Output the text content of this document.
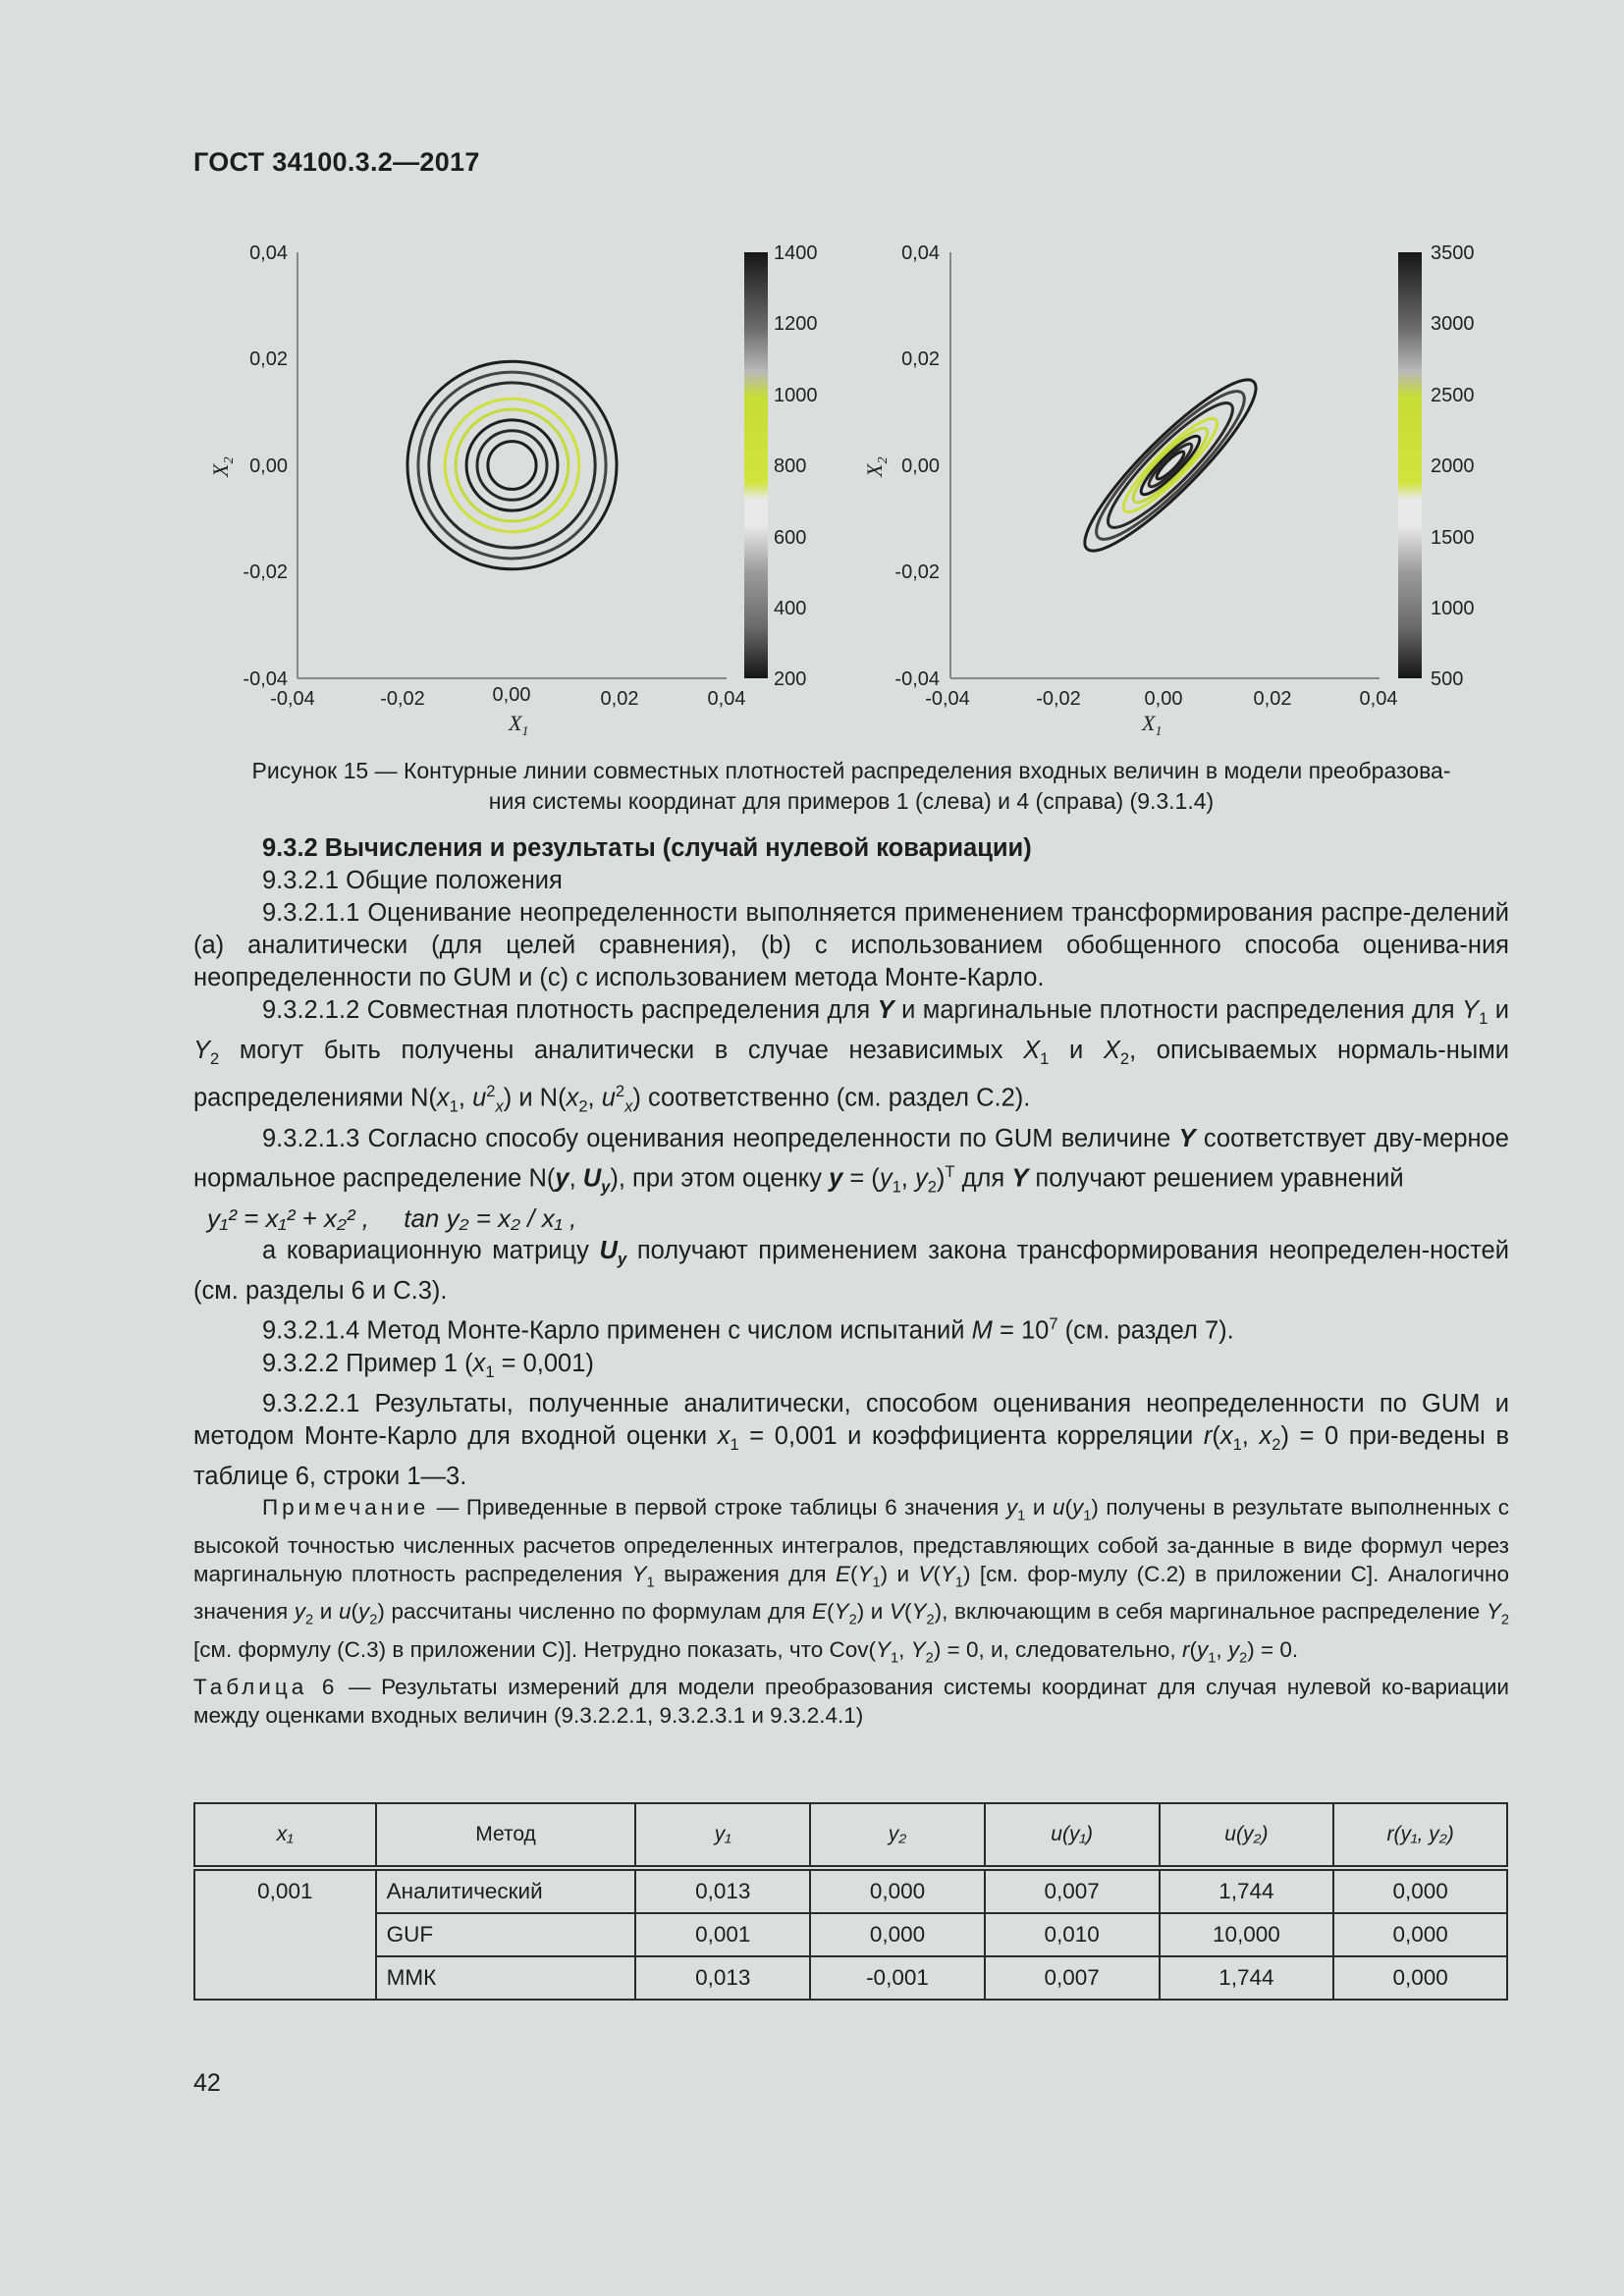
ГОСТ 34100.3.2—2017
0,04
0,02
0,00
-0,02
-0,04
-0,04	-0,02	0,00	0,02	0,04
$X_1$
$X_2$
1400
1200
1000
800
600
400
200
0,04
0,02
0,00
-0,02
-0,04
-0,04	-0,02	0,00	0,02	0,04
$X_1$
$X_2$
3500
3000
2500
2000
1500
1000
500
Рисунок 15 — Контурные линии совместных плотностей распределения входных величин в модели преобразова-
ния системы координат для примеров 1 (слева) и 4 (справа) (9.3.1.4)

9.3.2 Вычисления и результаты (случай нулевой ковариации)

9.3.2.1 Общие положения

9.3.2.1.1 Оценивание неопределенности выполняется применением трансформирования распре-делений (a) аналитически (для целей сравнения), (b) с использованием обобщенного способа оценива-ния неопределенности по GUM и (c) с использованием метода Монте-Карло.

9.3.2.1.2 Совместная плотность распределения для Y и маргинальные плотности распределения для $Y_1$ и $Y_2$ могут быть получены аналитически в случае независимых $X_1$ и $X_2$, описываемых нормаль-ными распределениями $N(x_1$, $u^2_x$) и $N(x_2$, $u^2_x$) соответственно (см. раздел С.2).

9.3.2.1.3 Согласно способу оценивания неопределенности по GUM величине Y соответствует дву-мерное нормальное распределение N(y, $U_y$), при этом оценку $y = (y_1$, $y_2)^T$ для Y получают решением уравнений

y₁² = x₁² + x₂² , tan y₂ = x₂ / x₁ ,

а ковариационную матрицу $U_y$ получают применением закона трансформирования неопределен-ностей (см. разделы 6 и С.3).

9.3.2.1.4 Метод Монте-Карло применен с числом испытаний $M = 10^7$ (см. раздел 7).

9.3.2.2 Пример 1 $(x_1 = 0,001)$

9.3.2.2.1 Результаты, полученные аналитически, способом оценивания неопределенности по GUM и методом Монте-Карло для входной оценки $x_1 = 0,001$ и коэффициента корреляции $r(x_1$, $x_2) = 0$ при-ведены в таблице 6, строки 1—3.

Примечание — Приведенные в первой строке таблицы 6 значения $y_1$ и $u(y_1)$ получены в результате выполненных с высокой точностью численных расчетов определенных интегралов, представляющих собой за-данные в виде формул через маргинальную плотность распределения $Y_1$ выражения для $E(Y_1)$ и $V(Y_1)$ [см. фор-мулу (С.2) в приложении С]. Аналогично значения $y_2$ и $u(y_2)$ рассчитаны численно по формулам для $E(Y_2)$ и $V(Y_2)$, включающим в себя маргинальное распределение $Y_2$ [см. формулу (С.3) в приложении С)]. Нетрудно показать, что $Cov(Y_1$, $Y_2) = 0$, и, следовательно, $r(y_1$, $y_2) = 0$.

Таблица 6 — Результаты измерений для модели преобразования системы координат для случая нулевой ко-вариации между оценками входных величин (9.3.2.2.1, 9.3.2.3.1 и 9.3.2.4.1)

x₁	Метод	y₁	y₂	u(y₁)	u(y₂)	r(y₁, y₂)
0,001	Аналитический	0,013	0,000	0,007	1,744	0,000
	GUF	0,001	0,000	0,010	10,000	0,000
	ММК	0,013	-0,001	0,007	1,744	0,000
42
